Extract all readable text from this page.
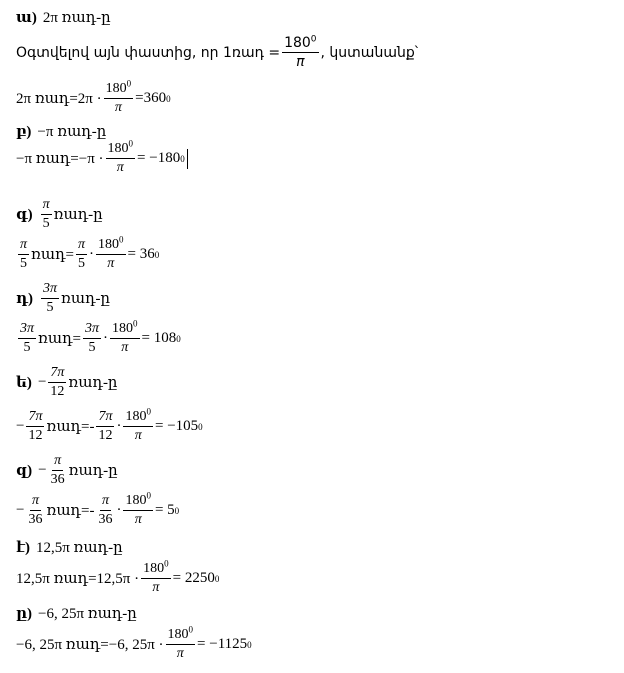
ա) 2π ռադ-ը
Օգտվելով այն փաստից, որ 1ռադ = $\frac{180^0}{\pi}$ , կստանանք՝
2π ռադ=2π · $\frac{180^0}{\pi} =360$ 0
բ) −π ռադ-ը
−π ռադ=−π · $\frac{180^0}{\pi} = -180$ 0
գ) $\frac{\pi}{5}$ ռադ-ը
$\frac{\pi}{5}$ ռադ= $\frac{\pi}{5} \cdot \frac{180^0}{\pi} = 36$ 0
դ) $\frac{3\pi}{5}$ ռադ-ը
$\frac{3\pi}{5}$ ռադ= $\frac{3\pi}{5} \cdot \frac{180^0}{\pi} = 108$ 0
ե) − $\frac{7\pi}{12}$ ռադ-ը
− $\frac{7\pi}{12}$ ռադ=- $\frac{7\pi}{12} \cdot \frac{180^0}{\pi} = -105$ 0
զ) − $\frac{\pi}{36}$ ռադ-ը
− $\frac{\pi}{36}$ ռադ=- $\frac{\pi}{36} \cdot \frac{180^0}{\pi} = 5$ 0
է) 12,5π ռադ-ը
12,5π ռադ=12,5π · $\frac{180^0}{\pi} = 2250$ 0
ը) −6, 25π ռադ-ը
−6, 25π ռադ=−6, $25\pi \cdot \frac{180^0}{\pi} = -1125$ 0
